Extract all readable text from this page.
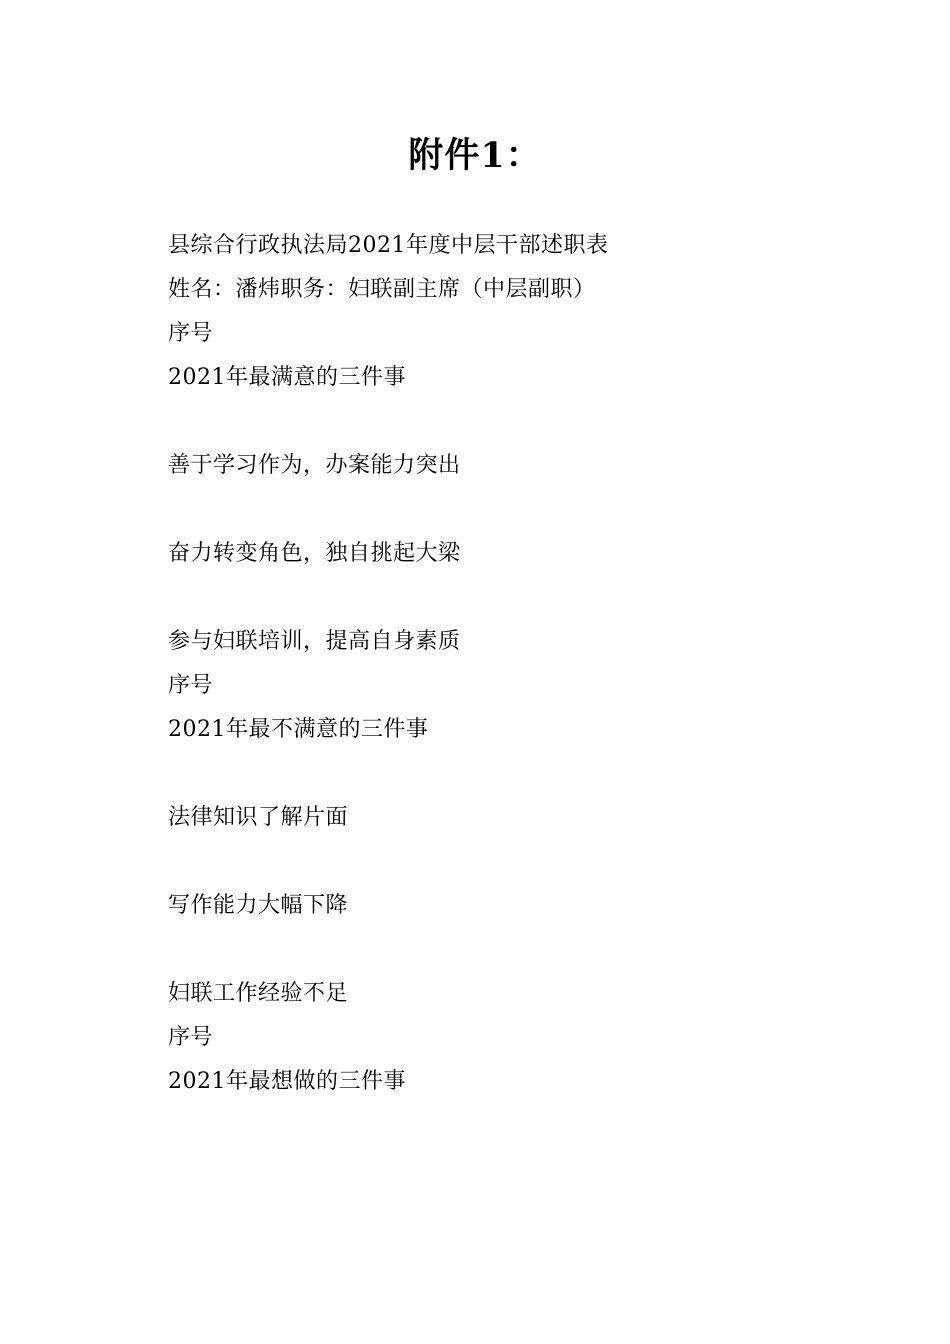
附件1：
县综合行政执法局2021年度中层干部述职表
姓名：潘炜职务：妇联副主席（中层副职）
序号
2021年最满意的三件事
善于学习作为，办案能力突出
奋力转变角色，独自挑起大梁
参与妇联培训，提高自身素质
序号
2021年最不满意的三件事
法律知识了解片面
写作能力大幅下降
妇联工作经验不足
序号
2021年最想做的三件事
